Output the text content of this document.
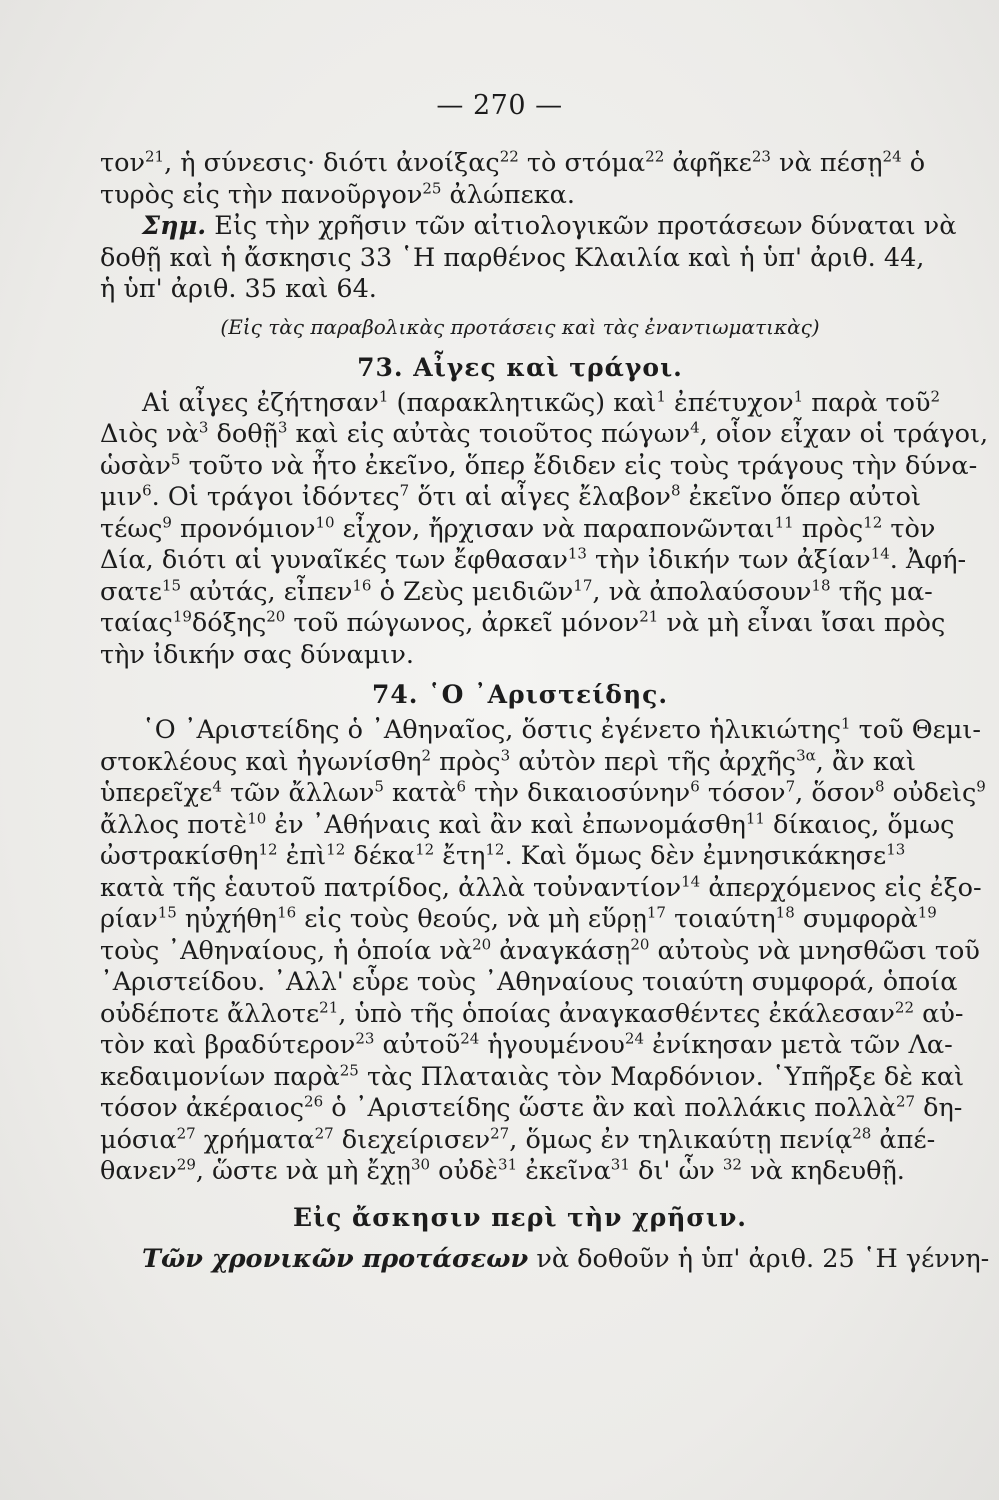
— 270 —
τον$^{21}$, ἡ σύνεσις· διότι ἀνοίξας$^{22}$ τὸ στόμα$^{22}$ ἀφῆκε$^{23}$ νὰ πέσῃ$^{24}$ ὁ
τυρὸς εἰς τὴν πανοῦργον$^{25}$ ἀλώπεκα.
Σημ. Εἰς τὴν χρῆσιν τῶν αἰτιολογικῶν προτάσεων δύναται νὰ
δοθῇ καὶ ἡ ἄσκησις 33 ῾Η παρθένος Κλαιλία καὶ ἡ ὑπ' ἀριθ. 44,
ἡ ὑπ' ἀριθ. 35 καὶ 64.
(Εἰς τὰς παραβολικὰς προτάσεις καὶ τὰς ἐναντιωματικὰς)
73. Αἶγες καὶ τράγοι.
Αἱ αἶγες ἐζήτησαν$^1$ (παρακλητικῶς) καὶ$^1$ ἐπέτυχον$^1$ παρὰ τοῦ$^2$
Διὸς νὰ$^3$ δοθῇ$^3$ καὶ εἰς αὐτὰς τοιοῦτος πώγων$^4$, οἷον εἶχαν οἱ τράγοι,
ὡσὰν$^5$ τοῦτο νὰ ἦτο ἐκεῖνο, ὅπερ ἔδιδεν εἰς τοὺς τράγους τὴν δύνα-
μιν$^6$. Οἱ τράγοι ἰδόντες$^7$ ὅτι αἱ αἶγες ἔλαβον$^8$ ἐκεῖνο ὅπερ αὐτοὶ
τέως$^9$ προνόμιον$^{10}$ εἶχον, ἤρχισαν νὰ παραπονῶνται$^{11}$ πρὸς$^{12}$ τὸν
Δία, διότι αἱ γυναῖκές των ἔφθασαν$^{13}$ τὴν ἰδικήν των ἀξίαν$^{14}$. Ἀφή-
σατε$^{15}$ αὐτάς, εἶπεν$^{16}$ ὁ Ζεὺς μειδιῶν$^{17}$, νὰ ἀπολαύσουν$^{18}$ τῆς μα-
ταίας$^{19}$δόξης$^{20}$ τοῦ πώγωνος, ἀρκεῖ μόνον$^{21}$ νὰ μὴ εἶναι ἴσαι πρὸς
τὴν ἰδικήν σας δύναμιν.
74. ῾Ο ᾿Αριστείδης.
῾Ο ᾿Αριστείδης ὁ ᾿Αθηναῖος, ὅστις ἐγένετο ἡλικιώτης$^1$ τοῦ Θεμι-
στοκλέους καὶ ἠγωνίσθη$^2$ πρὸς$^3$ αὐτὸν περὶ τῆς ἀρχῆς$^{3\alpha}$, ἂν καὶ
ὑπερεῖχε$^4$ τῶν ἄλλων$^5$ κατὰ$^6$ τὴν δικαιοσύνην$^6$ τόσον$^7$, ὅσον$^8$ οὐδεὶς$^9$
ἄλλος ποτὲ$^{10}$ ἐν ᾿Αθήναις καὶ ἂν καὶ ἐπωνομάσθη$^{11}$ δίκαιος, ὅμως
ὠστρακίσθη$^{12}$ ἐπὶ$^{12}$ δέκα$^{12}$ ἔτη$^{12}$. Καὶ ὅμως δὲν ἐμνησικάκησε$^{13}$
κατὰ τῆς ἑαυτοῦ πατρίδος, ἀλλὰ τοὐναντίον$^{14}$ ἀπερχόμενος εἰς ἐξο-
ρίαν$^{15}$ ηὐχήθη$^{16}$ εἰς τοὺς θεούς, νὰ μὴ εὕρῃ$^{17}$ τοιαύτη$^{18}$ συμφορὰ$^{19}$
τοὺς ᾿Αθηναίους, ἡ ὁποία νὰ$^{20}$ ἀναγκάσῃ$^{20}$ αὐτοὺς νὰ μνησθῶσι τοῦ
᾿Αριστείδου. ᾿Αλλ' εὗρε τοὺς ᾿Αθηναίους τοιαύτη συμφορά, ὁποία
οὐδέποτε ἄλλοτε$^{21}$, ὑπὸ τῆς ὁποίας ἀναγκασθέντες ἐκάλεσαν$^{22}$ αὐ-
τὸν καὶ βραδύτερον$^{23}$ αὐτοῦ$^{24}$ ἡγουμένου$^{24}$ ἐνίκησαν μετὰ τῶν Λα-
κεδαιμονίων παρὰ$^{25}$ τὰς Πλαταιὰς τὸν Μαρδόνιον. ῾Υπῆρξε δὲ καὶ
τόσον ἀκέραιος$^{26}$ ὁ ᾿Αριστείδης ὥστε ἂν καὶ πολλάκις πολλὰ$^{27}$ δη-
μόσια$^{27}$ χρήματα$^{27}$ διεχείρισεν$^{27}$, ὅμως ἐν τηλικαύτῃ πενίᾳ$^{28}$ ἀπέ-
θανεν$^{29}$, ὥστε νὰ μὴ ἔχῃ$^{30}$ οὐδὲ$^{31}$ ἐκεῖνα$^{31}$ δι' ὧν $^{32}$ νὰ κηδευθῇ.
Εἰς ἄσκησιν περὶ τὴν χρῆσιν.
Τῶν χρονικῶν προτάσεων νὰ δοθοῦν ἡ ὑπ' ἀριθ. 25 ῾Η γέννη-
